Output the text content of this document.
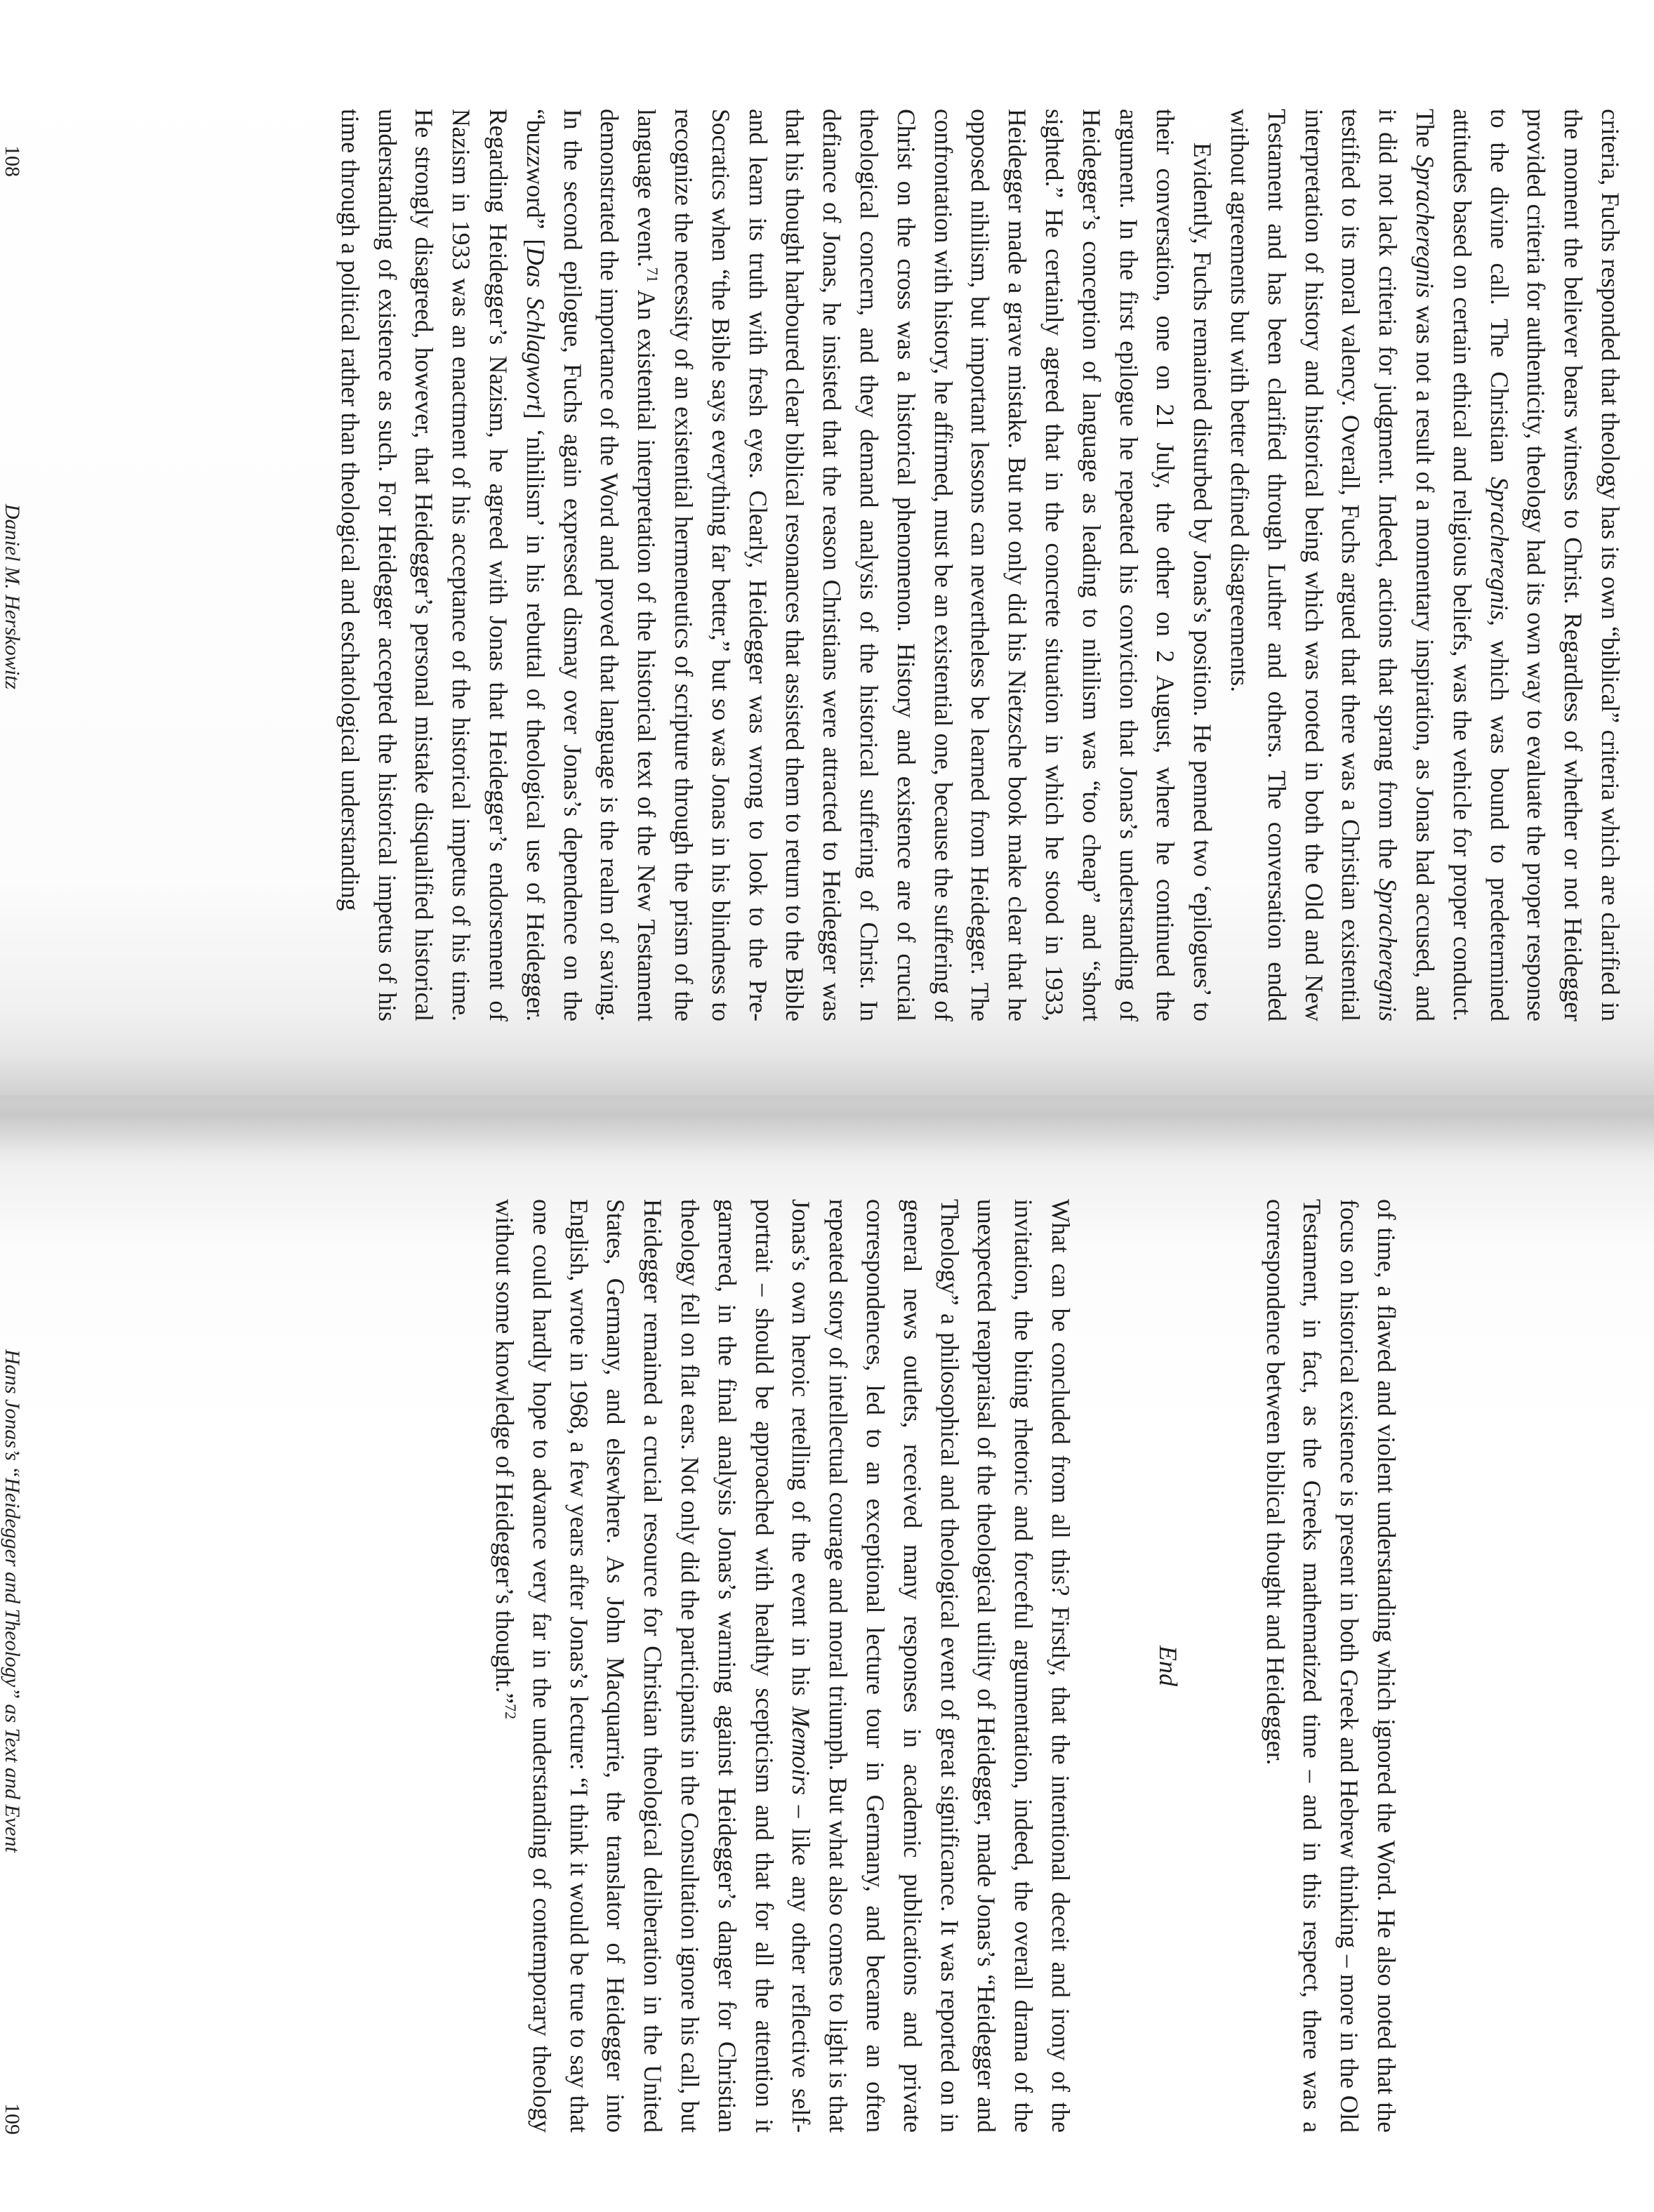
108
Daniel M. Herskowitz	criteria, Fuchs responded that theology has its own “biblical” criteria which are clarified in the moment the believer bears witness to Christ. Regardless of whether or not Heidegger provided criteria for authenticity, theology had its own way to evaluate the proper response to the divine call. The Christian Spracheregnis, which was bound to predetermined attitudes based on certain ethical and religious beliefs, was the vehicle for proper conduct. The Spracheregnis was not a result of a momentary inspiration, as Jonas had accused, and it did not lack criteria for judgment. Indeed, actions that sprang from the Spracheregnis testified to its moral valency. Overall, Fuchs argued that there was a Christian existential interpretation of history and historical being which was rooted in both the Old and New Testament and has been clarified through Luther and others. The conversation ended without agreements but with better defined disagreements.

Evidently, Fuchs remained disturbed by Jonas’s position. He penned two ‘epilogues’ to their conversation, one on 21 July, the other on 2 August, where he continued the argument. In the first epilogue he repeated his conviction that Jonas’s understanding of Heidegger’s conception of language as leading to nihilism was “too cheap” and “short sighted.” He certainly agreed that in the concrete situation in which he stood in 1933, Heidegger made a grave mistake. But not only did his Nietzsche book make clear that he opposed nihilism, but important lessons can nevertheless be learned from Heidegger. The confrontation with history, he affirmed, must be an existential one, because the suffering of Christ on the cross was a historical phenomenon. History and existence are of crucial theological concern, and they demand analysis of the historical suffering of Christ. In defiance of Jonas, he insisted that the reason Christians were attracted to Heidegger was that his thought harboured clear biblical resonances that assisted them to return to the Bible and learn its truth with fresh eyes. Clearly, Heidegger was wrong to look to the Pre-Socratics when “the Bible says everything far better,” but so was Jonas in his blindness to recognize the necessity of an existential hermeneutics of scripture through the prism of the language event.$^{71}$ An existential interpretation of the historical text of the New Testament demonstrated the importance of the Word and proved that language is the realm of saving. In the second epilogue, Fuchs again expressed dismay over Jonas’s dependence on the “buzzword” [Das Schlagwort] ‘nihilism’ in his rebuttal of theological use of Heidegger. Regarding Heidegger’s Nazism, he agreed with Jonas that Heidegger’s endorsement of Nazism in 1933 was an enactment of his acceptance of the historical impetus of his time. He strongly disagreed, however, that Heidegger’s personal mistake disqualified historical understanding of existence as such. For Heidegger accepted the historical impetus of his time through a political rather than theological and eschatological understanding

Hans Jonas’s “Heidegger and Theology” as Text and Event
109	of time, a flawed and violent understanding which ignored the Word. He also noted that the focus on historical existence is present in both Greek and Hebrew thinking – more in the Old Testament, in fact, as the Greeks mathematized time – and in this respect, there was a correspondence between biblical thought and Heidegger.

End

What can be concluded from all this? Firstly, that the intentional deceit and irony of the invitation, the biting rhetoric and forceful argumentation, indeed, the overall drama of the unexpected reappraisal of the theological utility of Heidegger, made Jonas’s “Heidegger and Theology” a philosophical and theological event of great significance. It was reported on in general news outlets, received many responses in academic publications and private correspondences, led to an exceptional lecture tour in Germany, and became an often repeated story of intellectual courage and moral triumph. But what also comes to light is that Jonas’s own heroic retelling of the event in his Memoirs – like any other reflective self-portrait – should be approached with healthy scepticism and that for all the attention it garnered, in the final analysis Jonas’s warning against Heidegger’s danger for Christian theology fell on flat ears. Not only did the participants in the Consultation ignore his call, but Heidegger remained a crucial resource for Christian theological deliberation in the United States, Germany, and elsewhere. As John Macquarrie, the translator of Heidegger into English, wrote in 1968, a few years after Jonas’s lecture: “I think it would be true to say that one could hardly hope to advance very far in the understanding of contemporary theology without some knowledge of Heidegger’s thought.”$^{72}$
